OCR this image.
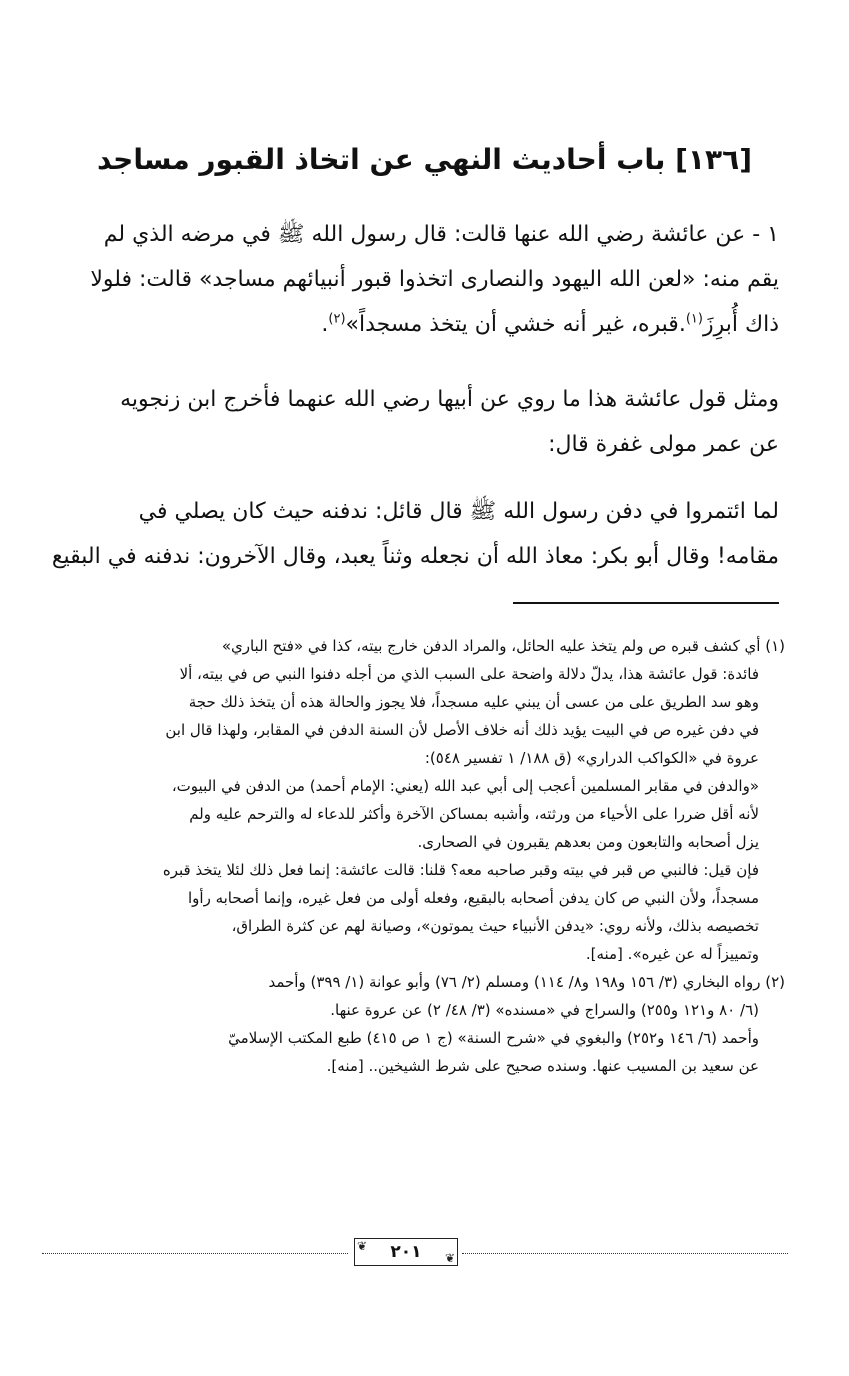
[١٣٦] باب أحاديث النهي عن اتخاذ القبور مساجد
١ - عن عائشة رضي الله عنها قالت: قال رسول الله ﷺ في مرضه الذي لم
يقم منه: «لعن الله اليهود والنصارى اتخذوا قبور أنبيائهم مساجد» قالت: فلولا
ذاك أُبرِزَ$^{(١)}$.قبره، غير أنه خشي أن يتخذ مسجداً»$^{(٢)}$.
ومثل قول عائشة هذا ما روي عن أبيها رضي الله عنهما فأخرج ابن زنجويه
عن عمر مولى غفرة قال:
لما ائتمروا في دفن رسول الله ﷺ قال قائل: ندفنه حيث كان يصلي في
مقامه! وقال أبو بكر: معاذ الله أن نجعله وثناً يعبد، وقال الآخرون: ندفنه في البقيع
(١) أي كشف قبره ص ولم يتخذ عليه الحائل، والمراد الدفن خارج بيته، كذا في «فتح الباري»
فائدة: قول عائشة هذا، يدلّ دلالة واضحة على السبب الذي من أجله دفنوا النبي ص في بيته، ألا
وهو سد الطريق على من عسى أن يبني عليه مسجداً، فلا يجوز والحالة هذه أن يتخذ ذلك حجة
في دفن غيره ص في البيت يؤيد ذلك أنه خلاف الأصل لأن السنة الدفن في المقابر، ولهذا قال ابن
عروة في «الكواكب الدراري» (ق ١٨٨/ ١ تفسير ٥٤٨):
«والدفن في مقابر المسلمين أعجب إلى أبي عبد الله (يعني: الإمام أحمد) من الدفن في البيوت،
لأنه أقل ضررا على الأحياء من ورثته، وأشبه بمساكن الآخرة وأكثر للدعاء له والترحم عليه ولم
يزل أصحابه والتابعون ومن بعدهم يقبرون في الصحارى.
فإن قيل: فالنبي ص قبر في بيته وقبر صاحبه معه؟ قلنا: قالت عائشة: إنما فعل ذلك لئلا يتخذ قبره
مسجداً، ولأن النبي ص كان يدفن أصحابه بالبقيع، وفعله أولى من فعل غيره، وإنما أصحابه رأوا
تخصيصه بذلك، ولأنه روي: «يدفن الأنبياء حيث يموتون»، وصيانة لهم عن كثرة الطراق،
وتمييزاً له عن غيره». [منه].
(٢) رواه البخاري (٣/ ١٥٦ و١٩٨ و٨/ ١١٤) ومسلم (٢/ ٧٦) وأبو عوانة (١/ ٣٩٩) وأحمد
(٦/ ٨٠ و١٢١ و٢٥٥) والسراج في «مسنده» (٣/ ٤٨/ ٢) عن عروة عنها.
وأحمد (٦/ ١٤٦ و٢٥٢) والبغوي في «شرح السنة» (ج ١ ص ٤١٥) طبع المكتب الإسلاميّ
عن سعيد بن المسيب عنها. وسنده صحيح على شرط الشيخين.. [منه].
❦ ٢٠١ ❦
